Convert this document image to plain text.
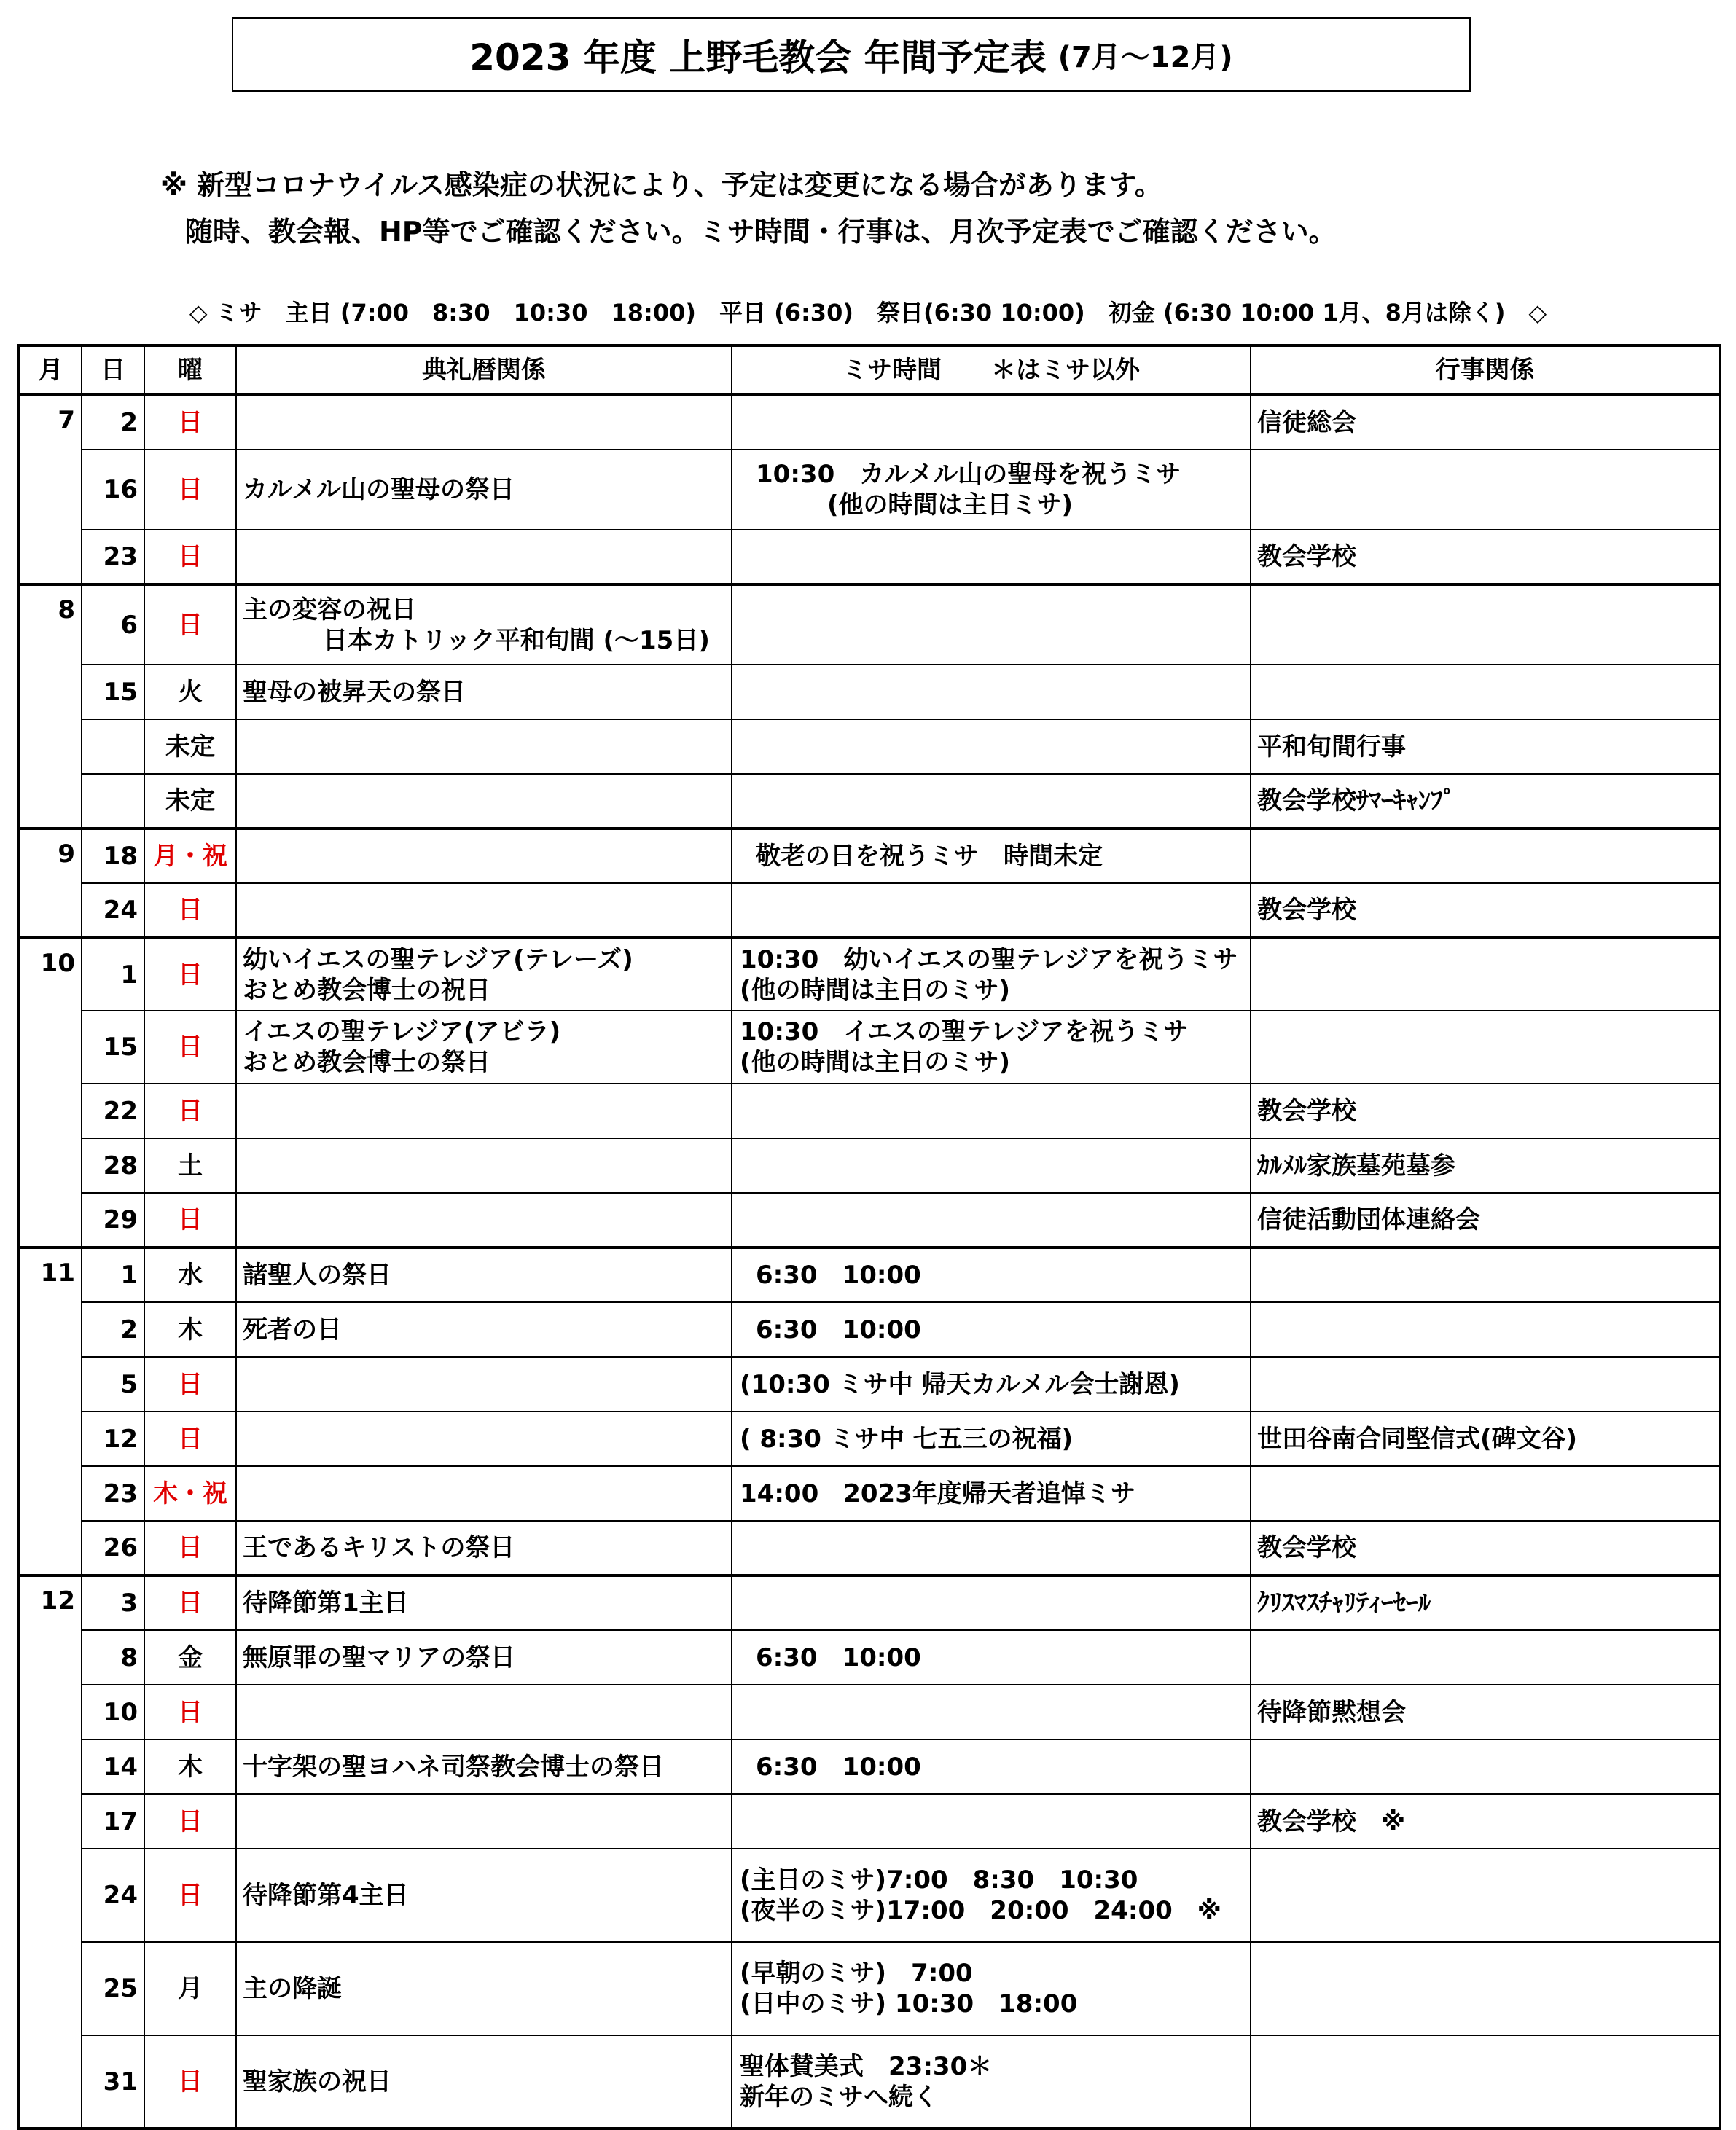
2023 年度 上野毛教会 年間予定表 (7月～12月)
※ 新型コロナウイルス感染症の状況により、予定は変更になる場合があります。
随時、教会報、HP等でご確認ください。ミサ時間・行事は、月次予定表でご確認ください。
◇ ミサ　主日 (7:00　8:30　10:30　18:00)　平日 (6:30)　祭日(6:30 10:00)　初金 (6:30 10:00 1月、8月は除く)　◇
月	日	曜	典礼暦関係	ミサ時間　　＊はミサ以外	行事関係
7	2	日			信徒総会

	16	日	カルメル山の聖母の祭日	10:30　カルメル山の聖母を祝うミサ
(他の時間は主日ミサ)	

	23	日			教会学校

8	6	日	主の変容の祝日
日本カトリック平和旬間 (～15日)		

	15	火	聖母の被昇天の祭日		

		未定			平和旬間行事

		未定			教会学校ｻﾏｰｷｬﾝﾌﾟ

9	18	月・祝		敬老の日を祝うミサ　時間未定	

	24	日			教会学校

10	1	日	幼いイエスの聖テレジア(テレーズ)
おとめ教会博士の祝日	10:30　幼いイエスの聖テレジアを祝うミサ
(他の時間は主日のミサ)	

	15	日	イエスの聖テレジア(アビラ)
おとめ教会博士の祭日	10:30　イエスの聖テレジアを祝うミサ
(他の時間は主日のミサ)	

	22	日			教会学校

	28	土			ｶﾙﾒﾙ家族墓苑墓参

	29	日			信徒活動団体連絡会

11	1	水	諸聖人の祭日	6:30　10:00	

	2	木	死者の日	6:30　10:00	

	5	日		(10:30 ミサ中 帰天カルメル会士謝恩)	

	12	日		( 8:30 ミサ中 七五三の祝福)	世田谷南合同堅信式(碑文谷)

	23	木・祝		14:00　2023年度帰天者追悼ミサ	

	26	日	王であるキリストの祭日		教会学校

12	3	日	待降節第1主日		ｸﾘｽﾏｽﾁｬﾘﾃｨｰｾｰﾙ

	8	金	無原罪の聖マリアの祭日	6:30　10:00	

	10	日			待降節黙想会

	14	木	十字架の聖ヨハネ司祭教会博士の祭日	6:30　10:00	

	17	日			教会学校　※

	24	日	待降節第4主日	(主日のミサ)7:00　8:30　10:30
(夜半のミサ)17:00　20:00　24:00　※	

	25	月	主の降誕	(早朝のミサ)　7:00
(日中のミサ) 10:30　18:00	

	31	日	聖家族の祝日	聖体賛美式　23:30＊
新年のミサへ続く	
